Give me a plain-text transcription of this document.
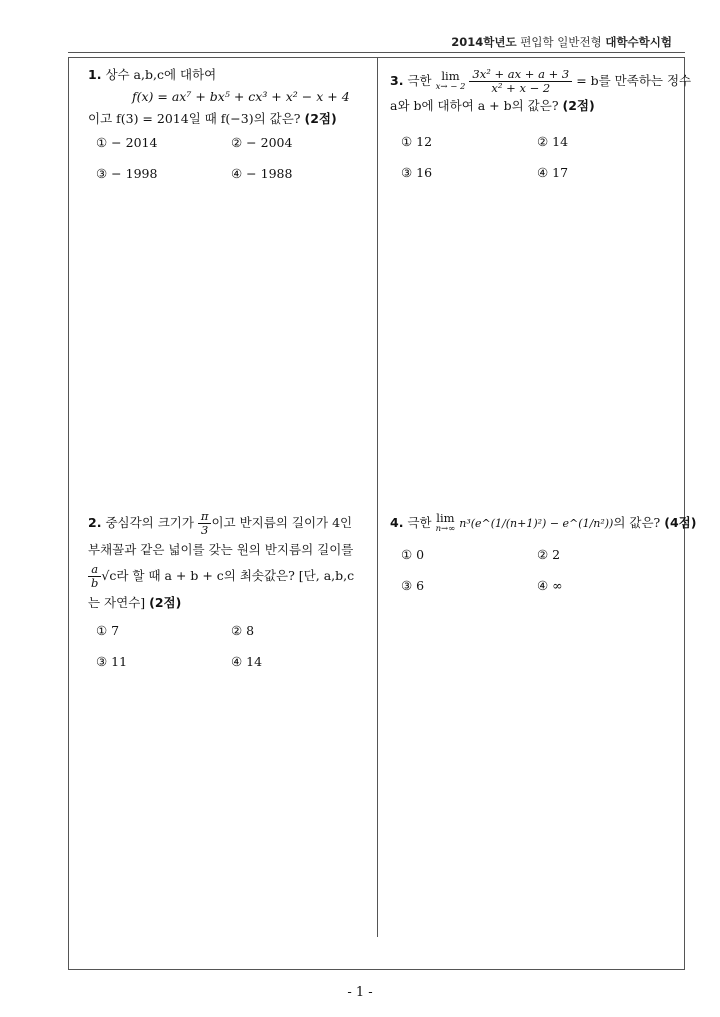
2014학년도 편입학 일반전형 대학수학시험
1. 상수 a,b,c에 대하여
f(x) = ax⁷ + bx⁵ + cx³ + x² − x + 4
이고 f(3) = 2014일 때 f(−3)의 값은? (2점)
① − 2014	② − 2004
③ − 1998	④ − 1988
3. 극한 lim
x→ − 2
$\frac{\text{3x² + ax + a + 3}}{\text{x² + x − 2}} = b$를 만족하는 정수
a와 b에 대하여 a + b의 값은? (2점)
① 12	② 14
③ 16	④ 17
2. 중심각의 크기가 $\frac{\pi}{3}$ 이고 반지름의 길이가 4인
부채꼴과 같은 넓이를 갖는 원의 반지름의 길이를
$\frac{a}{b} √c$라 할 때 a + b + c의 최솟값은? [단, a,b,c
는 자연수] (2점)
① 7	② 8
③ 11	④ 14
4. 극한 lim
n→∞ n³(e^(1/(n+1)²) − e^(1/n²))의 값은? (4점)
① 0	② 2
③ 6	④ ∞
- 1 -
